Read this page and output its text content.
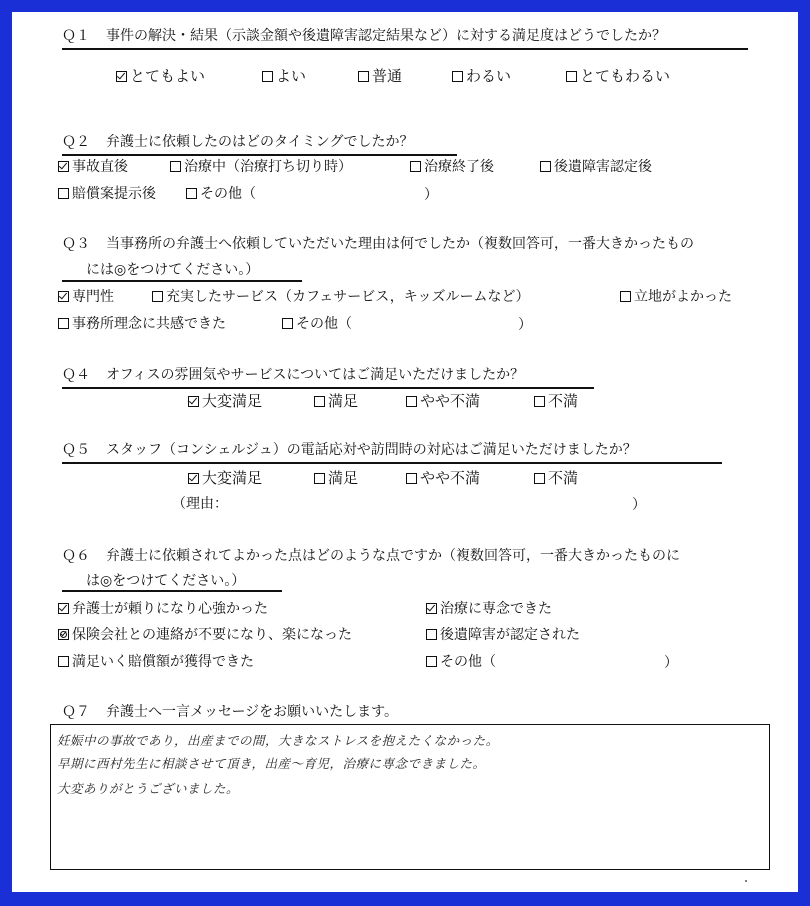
Ｑ１ 事件の解決・結果（示談金額や後遺障害認定結果など）に対する満足度はどうでしたか？
とてもよい	よい	普通	わるい	とてもわるい
Ｑ２ 弁護士に依頼したのはどのタイミングでしたか？
事故直後	治療中（治療打ち切り時）	治療終了後	後遺障害認定後
賠償案提示後	その他（	）
Ｑ３ 当事務所の弁護士へ依頼していただいた理由は何でしたか（複数回答可，一番大きかったもの
には◎をつけてください。）
専門性	充実したサービス（カフェサービス，キッズルームなど）	立地がよかった
事務所理念に共感できた	その他（	）
Ｑ４ オフィスの雰囲気やサービスについてはご満足いただけましたか？
大変満足	満足	やや不満	不満
Ｑ５ スタッフ（コンシェルジュ）の電話応対や訪問時の対応はご満足いただけましたか？
大変満足	満足	やや不満	不満
（理由：	）
Ｑ６ 弁護士に依頼されてよかった点はどのような点ですか（複数回答可，一番大きかったものに
は◎をつけてください。）
弁護士が頼りになり心強かった	治療に専念できた
保険会社との連絡が不要になり、楽になった	後遺障害が認定された
満足いく賠償額が獲得できた	その他（	）
Ｑ７ 弁護士へ一言メッセージをお願いいたします。
妊娠中の事故であり，出産までの間，大きなストレスを抱えたくなかった。
早期に西村先生に相談させて頂き，出産〜育児，治療に専念できました。
大変ありがとうございました。
